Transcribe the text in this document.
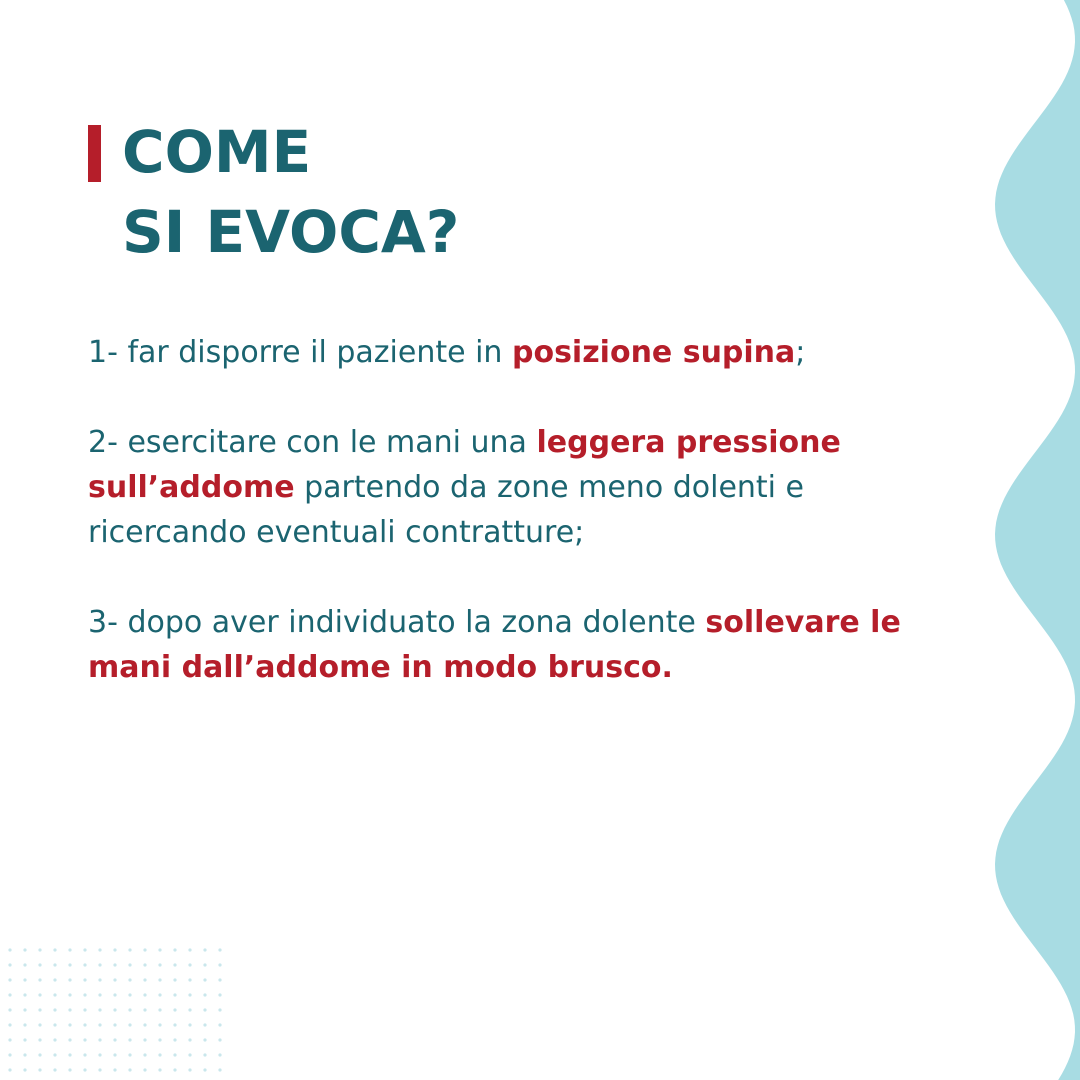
COME
SI EVOCA?

1- far disporre il paziente in posizione supina;

2- esercitare con le mani una leggera pressione sull’addome partendo da zone meno dolenti e ricercando eventuali contratture;

3- dopo aver individuato la zona dolente sollevare le mani dall’addome in modo brusco.
